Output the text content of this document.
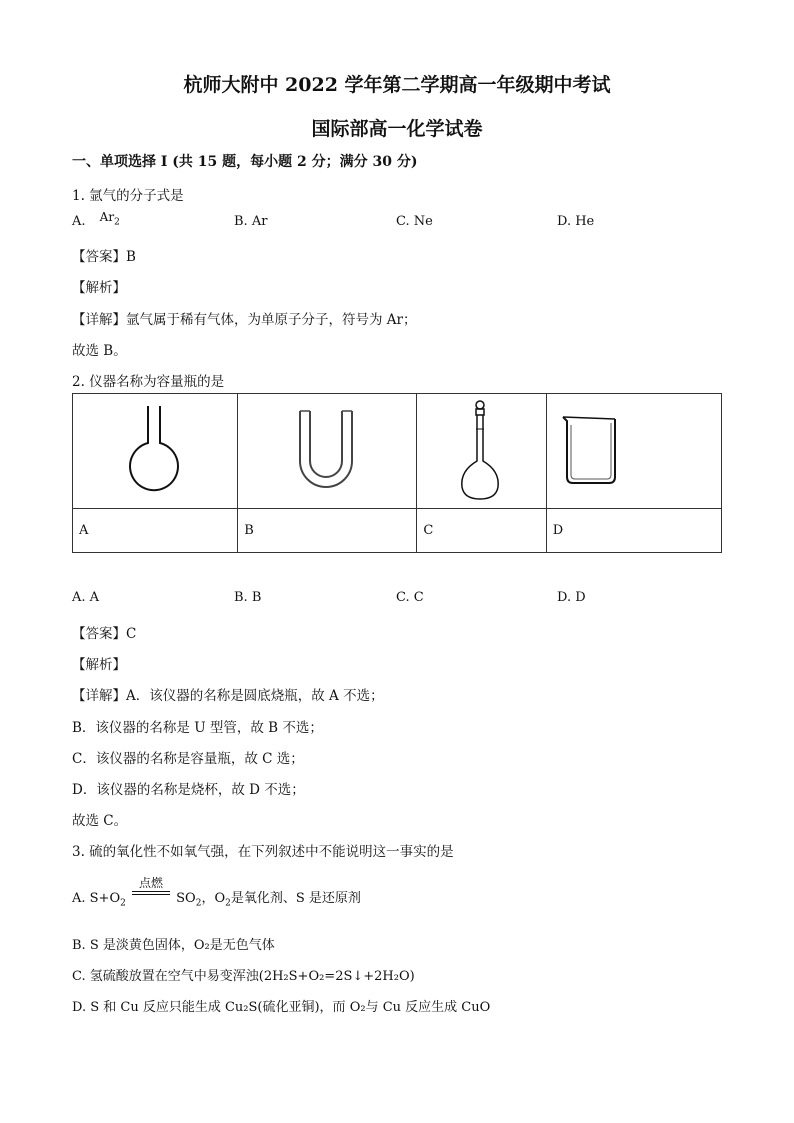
杭师大附中 2022 学年第二学期高一年级期中考试
国际部高一化学试卷
一、单项选择 I (共 15 题，每小题 2 分；满分 30 分)
1. 氩气的分子式是
A. $Ar_2$	B. Ar	C. Ne	D. He
【答案】B
【解析】
【详解】氩气属于稀有气体，为单原子分子，符号为 Ar；
故选 B。
2. 仪器名称为容量瓶的是

A	B	C	D
A. A	B. B	C. C	D. D
【答案】C
【解析】
【详解】A．该仪器的名称是圆底烧瓶，故 A 不选；
B．该仪器的名称是 U 型管，故 B 不选；
C．该仪器的名称是容量瓶，故 C 选；
D．该仪器的名称是烧杯，故 D 不选；
故选 C。
3. 硫的氧化性不如氧气强，在下列叙述中不能说明这一事实的是
A. $S+O_2$
点燃
$SO_2$，$O_2$是氧化剂、S 是还原剂
B. S 是淡黄色固体，O₂是无色气体
C. 氢硫酸放置在空气中易变浑浊(2H₂S+O₂=2S↓+2H₂O)
D. S 和 Cu 反应只能生成 Cu₂S(硫化亚铜)，而 O₂与 Cu 反应生成 CuO
